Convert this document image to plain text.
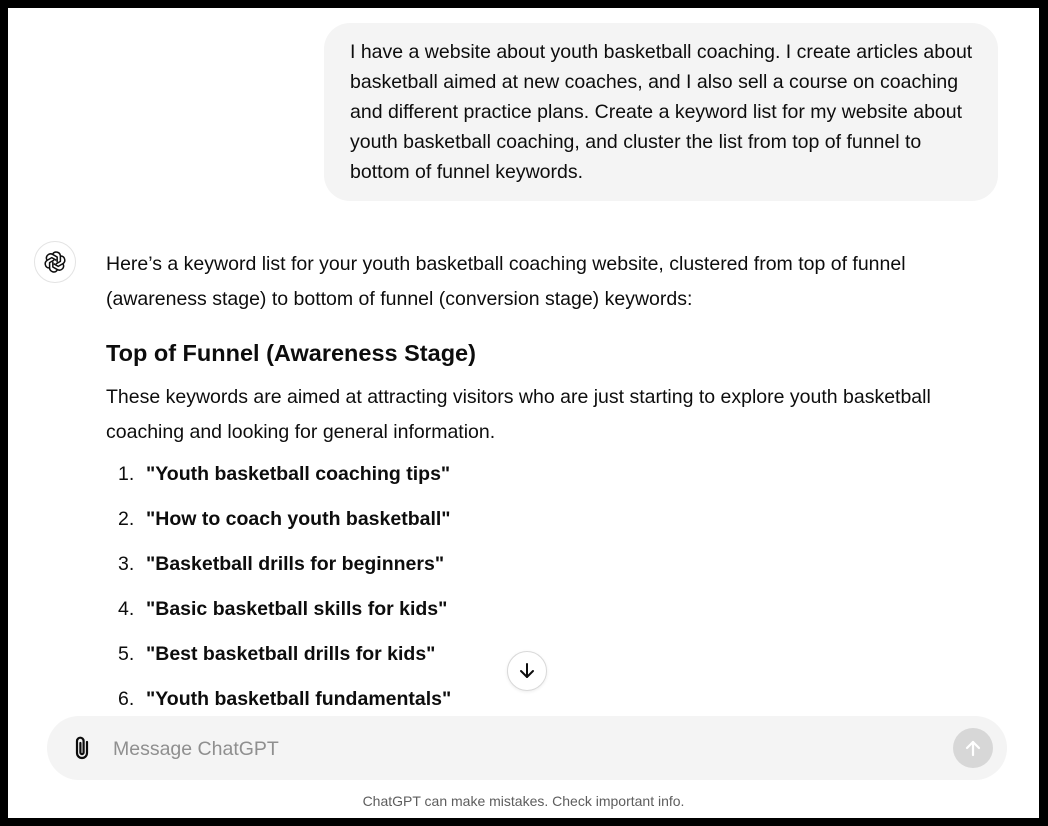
I have a website about youth basketball coaching. I create articles about basketball aimed at new coaches, and I also sell a course on coaching and different practice plans. Create a keyword list for my website about youth basketball coaching, and cluster the list from top of funnel to bottom of funnel keywords.

Here’s a keyword list for your youth basketball coaching website, clustered from top of funnel (awareness stage) to bottom of funnel (conversion stage) keywords:

Top of Funnel (Awareness Stage)

These keywords are aimed at attracting visitors who are just starting to explore youth basketball coaching and looking for general information.

1. "Youth basketball coaching tips"
2. "How to coach youth basketball"
3. "Basketball drills for beginners"
4. "Basic basketball skills for kids"
5. "Best basketball drills for kids"
6. "Youth basketball fundamentals"
Message ChatGPT
ChatGPT can make mistakes. Check important info.
